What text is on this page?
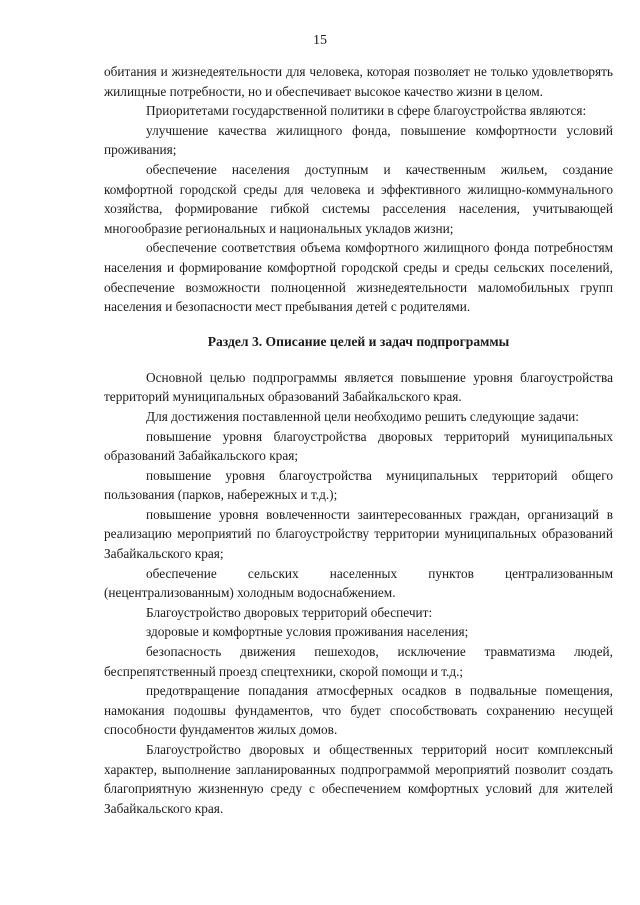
15

обитания и жизнедеятельности для человека, которая позволяет не только удовлетворять жилищные потребности, но и обеспечивает высокое качество жизни в целом.

Приоритетами государственной политики в сфере благоустройства являются:

улучшение качества жилищного фонда, повышение комфортности условий проживания;

обеспечение населения доступным и качественным жильем, создание комфортной городской среды для человека и эффективного жилищно-коммунального хозяйства, формирование гибкой системы расселения населения, учитывающей многообразие региональных и национальных укладов жизни;

обеспечение соответствия объема комфортного жилищного фонда потребностям населения и формирование комфортной городской среды и среды сельских поселений, обеспечение возможности полноценной жизнедеятельности маломобильных групп населения и безопасности мест пребывания детей с родителями.

Раздел 3. Описание целей и задач подпрограммы

Основной целью подпрограммы является повышение уровня благоустройства территорий муниципальных образований Забайкальского края.

Для достижения поставленной цели необходимо решить следующие задачи:

повышение уровня благоустройства дворовых территорий муниципальных образований Забайкальского края;

повышение уровня благоустройства муниципальных территорий общего пользования (парков, набережных и т.д.);

повышение уровня вовлеченности заинтересованных граждан, организаций в реализацию мероприятий по благоустройству территории муниципальных образований Забайкальского края;

обеспечение сельских населенных пунктов централизованным (нецентрализованным) холодным водоснабжением.

Благоустройство дворовых территорий обеспечит:

здоровые и комфортные условия проживания населения;

безопасность движения пешеходов, исключение травматизма людей, беспрепятственный проезд спецтехники, скорой помощи и т.д.;

предотвращение попадания атмосферных осадков в подвальные помещения, намокания подошвы фундаментов, что будет способствовать сохранению несущей способности фундаментов жилых домов.

Благоустройство дворовых и общественных территорий носит комплексный характер, выполнение запланированных подпрограммой мероприятий позволит создать благоприятную жизненную среду с обеспечением комфортных условий для жителей Забайкальского края.
